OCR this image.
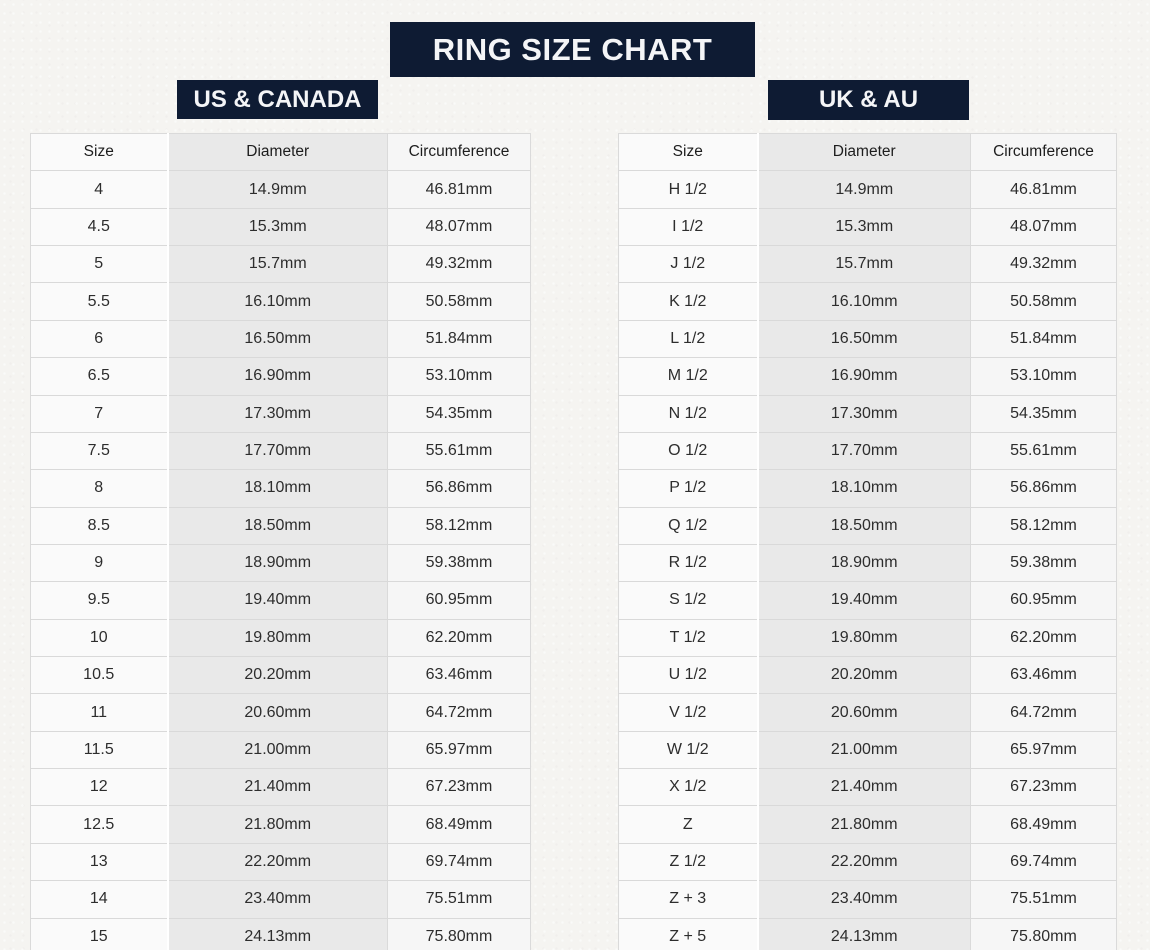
RING SIZE CHART
US & CANADA	UK & AU
Size	Diameter	Circumference
4	14.9mm	46.81mm
4.5	15.3mm	48.07mm
5	15.7mm	49.32mm
5.5	16.10mm	50.58mm
6	16.50mm	51.84mm
6.5	16.90mm	53.10mm
7	17.30mm	54.35mm
7.5	17.70mm	55.61mm
8	18.10mm	56.86mm
8.5	18.50mm	58.12mm
9	18.90mm	59.38mm
9.5	19.40mm	60.95mm
10	19.80mm	62.20mm
10.5	20.20mm	63.46mm
11	20.60mm	64.72mm
11.5	21.00mm	65.97mm
12	21.40mm	67.23mm
12.5	21.80mm	68.49mm
13	22.20mm	69.74mm
14	23.40mm	75.51mm
15	24.13mm	75.80mm
Size	Diameter	Circumference
H 1/2	14.9mm	46.81mm
I 1/2	15.3mm	48.07mm
J 1/2	15.7mm	49.32mm
K 1/2	16.10mm	50.58mm
L 1/2	16.50mm	51.84mm
M 1/2	16.90mm	53.10mm
N 1/2	17.30mm	54.35mm
O 1/2	17.70mm	55.61mm
P 1/2	18.10mm	56.86mm
Q 1/2	18.50mm	58.12mm
R 1/2	18.90mm	59.38mm
S 1/2	19.40mm	60.95mm
T 1/2	19.80mm	62.20mm
U 1/2	20.20mm	63.46mm
V 1/2	20.60mm	64.72mm
W 1/2	21.00mm	65.97mm
X 1/2	21.40mm	67.23mm
Z	21.80mm	68.49mm
Z 1/2	22.20mm	69.74mm
Z + 3	23.40mm	75.51mm
Z + 5	24.13mm	75.80mm
